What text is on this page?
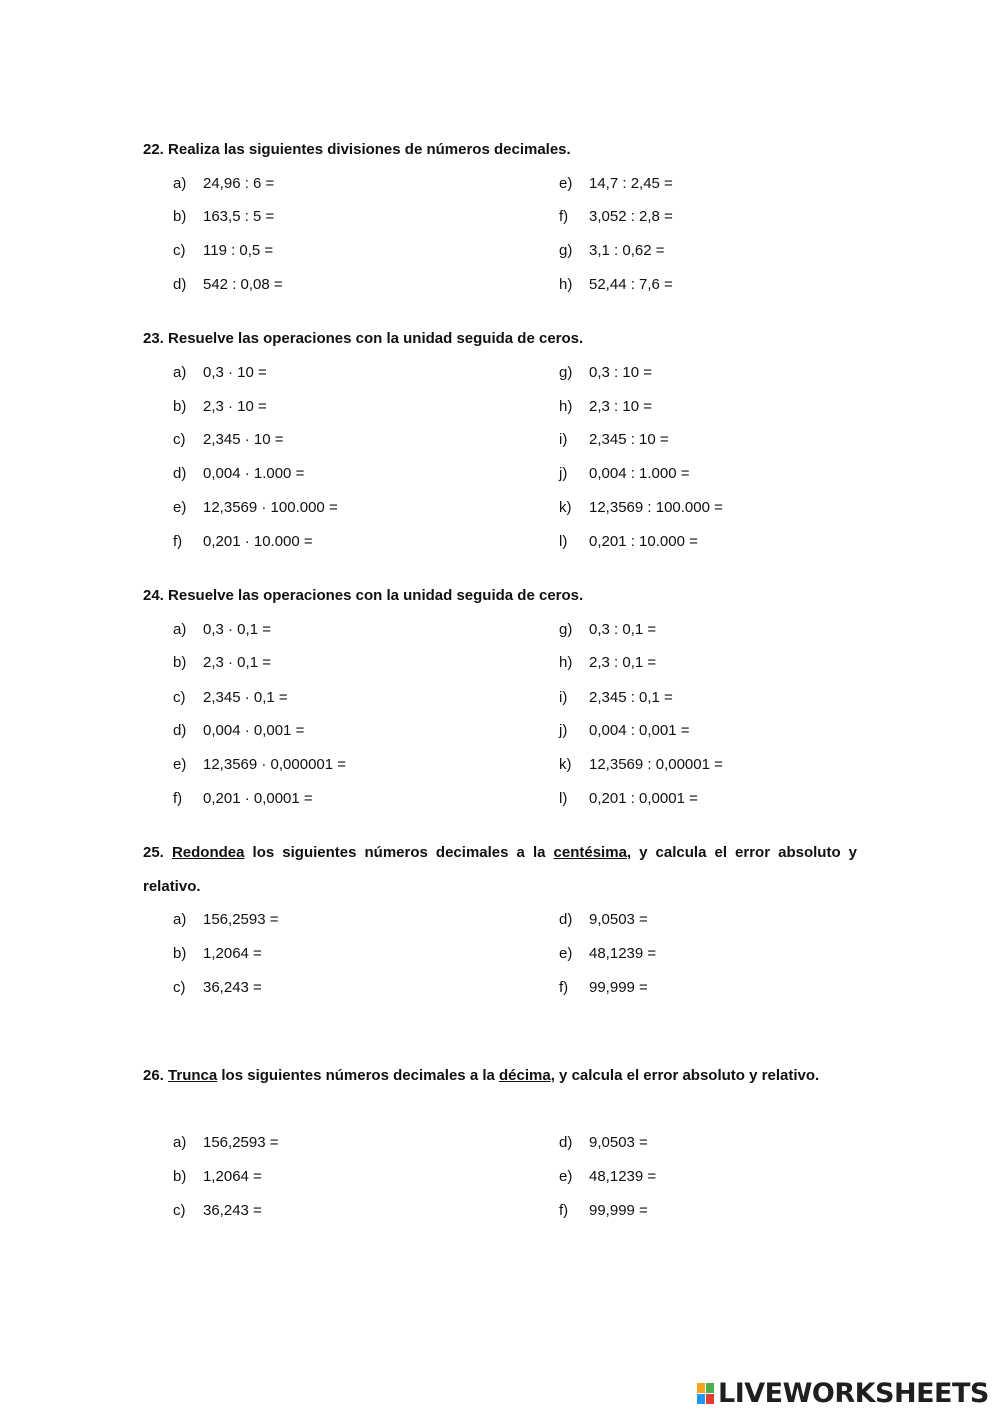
22. Realiza las siguientes divisiones de números decimales.
a) 24,96 : 6 =
b) 163,5 : 5 =
c) 119 : 0,5 =
d) 542 : 0,08 =
e) 14,7 : 2,45 =
f) 3,052 : 2,8 =
g) 3,1 : 0,62 =
h) 52,44 : 7,6 =
23. Resuelve las operaciones con la unidad seguida de ceros.
a) 0,3 · 10 =
b) 2,3 · 10 =
c) 2,345 · 10 =
d) 0,004 · 1.000 =
e) 12,3569 · 100.000 =
f) 0,201 · 10.000 =
g) 0,3 : 10 =
h) 2,3 : 10 =
i) 2,345 : 10 =
j) 0,004 : 1.000 =
k) 12,3569 : 100.000 =
l) 0,201 : 10.000 =
24. Resuelve las operaciones con la unidad seguida de ceros.
a) 0,3 · 0,1 =
b) 2,3 · 0,1 =
c) 2,345 · 0,1 =
d) 0,004 · 0,001 =
e) 12,3569 · 0,000001 =
f) 0,201 · 0,0001 =
g) 0,3 : 0,1 =
h) 2,3 : 0,1 =
i) 2,345 : 0,1 =
j) 0,004 : 0,001 =
k) 12,3569 : 0,00001 =
l) 0,201 : 0,0001 =

25. Redondea los siguientes números decimales a la centésima, y calcula el error absoluto y relativo.

a) 156,2593 =
b) 1,2064 =
c) 36,243 =
d) 9,0503 =
e) 48,1239 =
f) 99,999 =

26. Trunca los siguientes números decimales a la décima, y calcula el error absoluto y relativo.

a) 156,2593 =
b) 1,2064 =
c) 36,243 =
d) 9,0503 =
e) 48,1239 =
f) 99,999 =
LIVEWORKSHEETS
